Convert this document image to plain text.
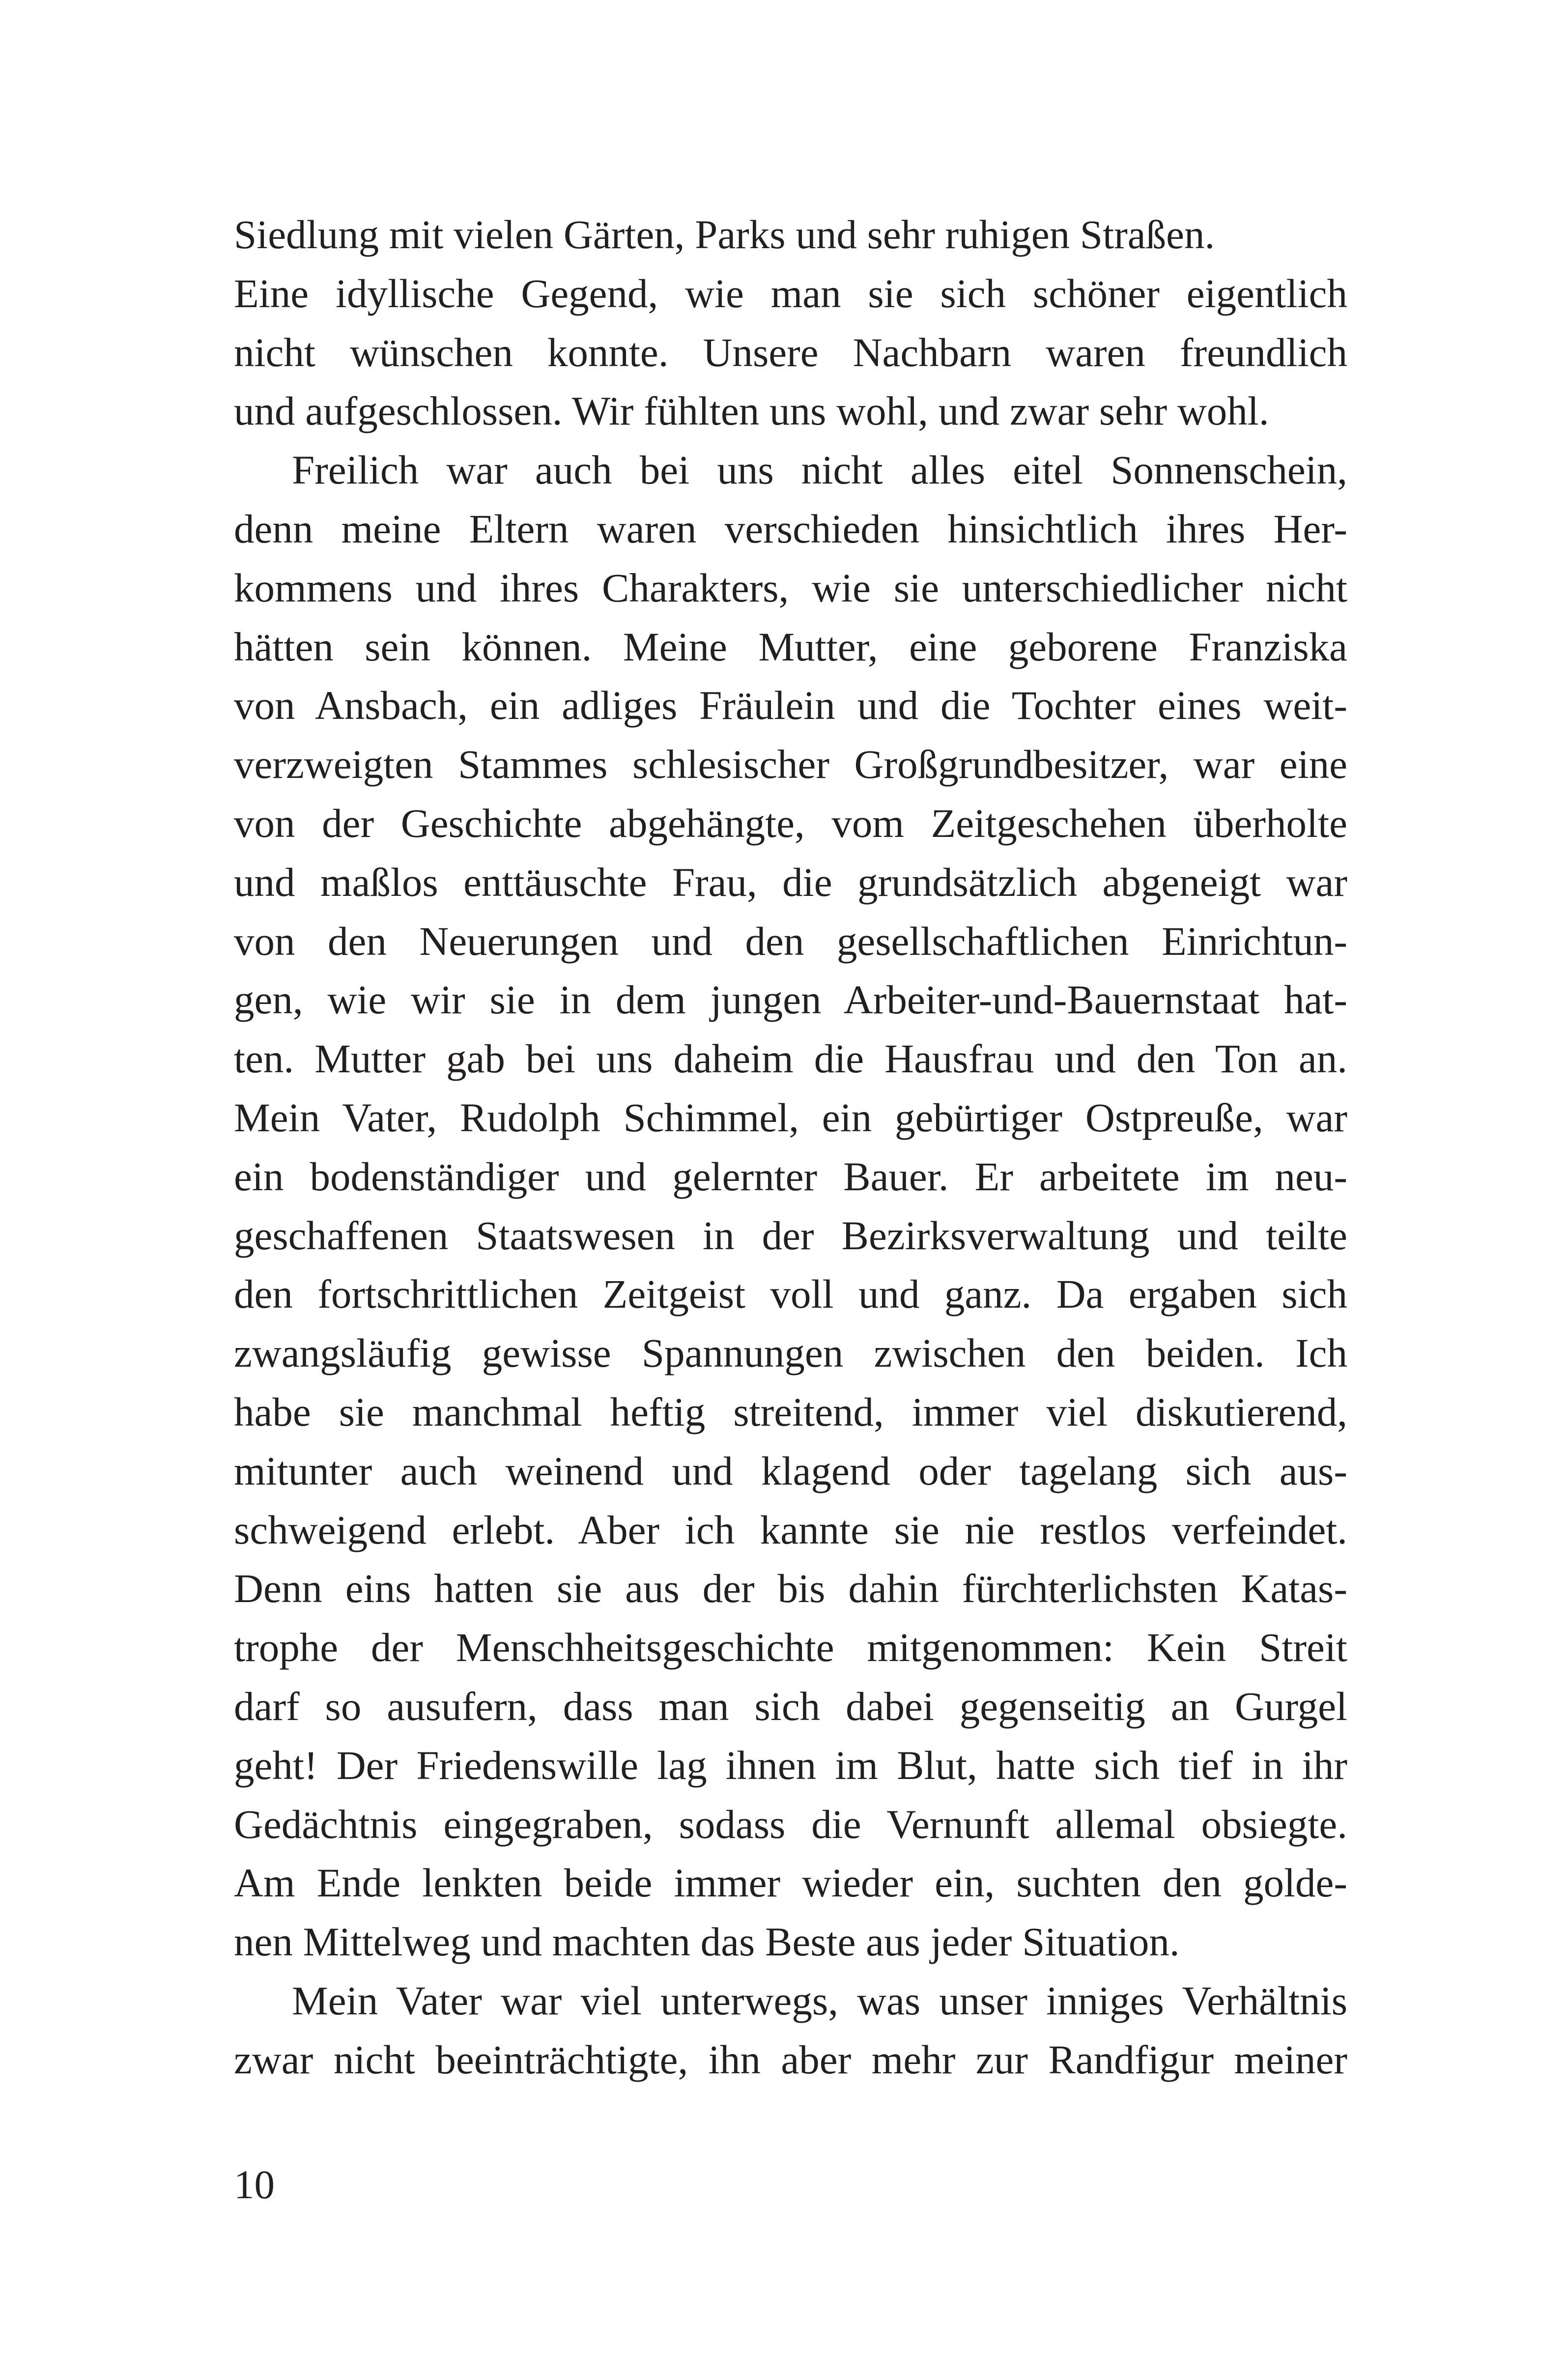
Siedlung mit vielen Gärten, Parks und sehr ruhigen Straßen.
Eine idyllische Gegend, wie man sie sich schöner eigentlich
nicht wünschen konnte. Unsere Nachbarn waren freundlich
und aufgeschlossen. Wir fühlten uns wohl, und zwar sehr wohl.
Freilich war auch bei uns nicht alles eitel Sonnenschein,
denn meine Eltern waren verschieden hinsichtlich ihres Her-
kommens und ihres Charakters, wie sie unterschiedlicher nicht
hätten sein können. Meine Mutter, eine geborene Franziska
von Ansbach, ein adliges Fräulein und die Tochter eines weit-
verzweigten Stammes schlesischer Großgrundbesitzer, war eine
von der Geschichte abgehängte, vom Zeitgeschehen überholte
und maßlos enttäuschte Frau, die grundsätzlich abgeneigt war
von den Neuerungen und den gesellschaftlichen Einrichtun-
gen, wie wir sie in dem jungen Arbeiter-und-Bauernstaat hat-
ten. Mutter gab bei uns daheim die Hausfrau und den Ton an.
Mein Vater, Rudolph Schimmel, ein gebürtiger Ostpreuße, war
ein bodenständiger und gelernter Bauer. Er arbeitete im neu-
geschaffenen Staatswesen in der Bezirksverwaltung und teilte
den fortschrittlichen Zeitgeist voll und ganz. Da ergaben sich
zwangsläufig gewisse Spannungen zwischen den beiden. Ich
habe sie manchmal heftig streitend, immer viel diskutierend,
mitunter auch weinend und klagend oder tagelang sich aus-
schweigend erlebt. Aber ich kannte sie nie restlos verfeindet.
Denn eins hatten sie aus der bis dahin fürchterlichsten Katas-
trophe der Menschheitsgeschichte mitgenommen: Kein Streit
darf so ausufern, dass man sich dabei gegenseitig an Gurgel
geht! Der Friedenswille lag ihnen im Blut, hatte sich tief in ihr
Gedächtnis eingegraben, sodass die Vernunft allemal obsiegte.
Am Ende lenkten beide immer wieder ein, suchten den golde-
nen Mittelweg und machten das Beste aus jeder Situation.
Mein Vater war viel unterwegs, was unser inniges Verhältnis
zwar nicht beeinträchtigte, ihn aber mehr zur Randfigur meiner
10
